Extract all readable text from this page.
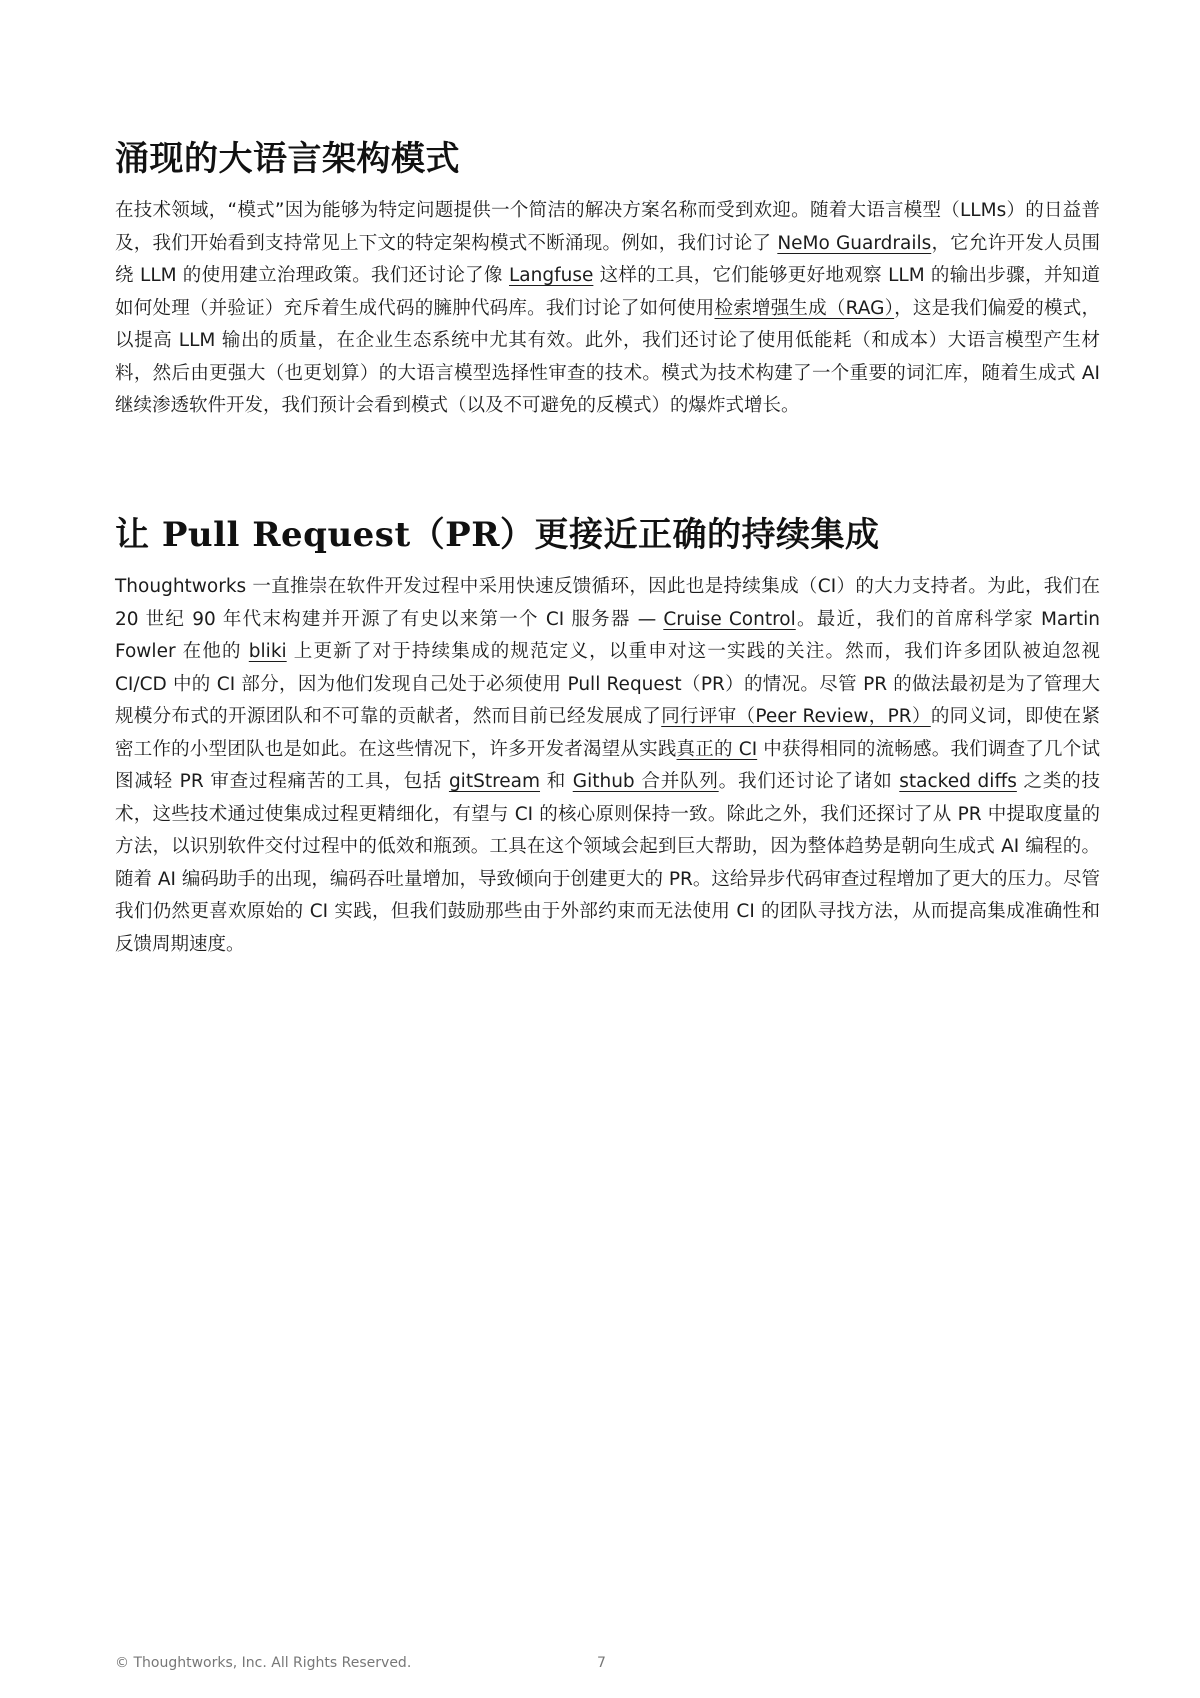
涌现的大语言架构模式

在技术领域，“模式”因为能够为特定问题提供一个简洁的解决方案名称而受到欢迎。随着大语言模型（LLMs）的日益普及，我们开始看到支持常见上下文的特定架构模式不断涌现。例如，我们讨论了 NeMo Guardrails，它允许开发人员围绕 LLM 的使用建立治理政策。我们还讨论了像 Langfuse 这样的工具，它们能够更好地观察 LLM 的输出步骤，并知道如何处理（并验证）充斥着生成代码的臃肿代码库。我们讨论了如何使用检索增强生成（RAG），这是我们偏爱的模式，以提高 LLM 输出的质量，在企业生态系统中尤其有效。此外，我们还讨论了使用低能耗（和成本）大语言模型产生材料，然后由更强大（也更划算）的大语言模型选择性审查的技术。模式为技术构建了一个重要的词汇库，随着生成式 AI 继续渗透软件开发，我们预计会看到模式（以及不可避免的反模式）的爆炸式增长。

让 Pull Request（PR）更接近正确的持续集成

Thoughtworks 一直推崇在软件开发过程中采用快速反馈循环，因此也是持续集成（CI）的大力支持者。为此，我们在 20 世纪 90 年代末构建并开源了有史以来第一个 CI 服务器 — Cruise Control。最近，我们的首席科学家 Martin Fowler 在他的 bliki 上更新了对于持续集成的规范定义，以重申对这一实践的关注。然而，我们许多团队被迫忽视 CI/CD 中的 CI 部分，因为他们发现自己处于必须使用 Pull Request（PR）的情况。尽管 PR 的做法最初是为了管理大规模分布式的开源团队和不可靠的贡献者，然而目前已经发展成了同行评审（Peer Review，PR）的同义词，即使在紧密工作的小型团队也是如此。在这些情况下，许多开发者渴望从实践真正的 CI 中获得相同的流畅感。我们调查了几个试图减轻 PR 审查过程痛苦的工具，包括 gitStream 和 Github 合并队列。我们还讨论了诸如 stacked diffs 之类的技术，这些技术通过使集成过程更精细化，有望与 CI 的核心原则保持一致。除此之外，我们还探讨了从 PR 中提取度量的方法，以识别软件交付过程中的低效和瓶颈。工具在这个领域会起到巨大帮助，因为整体趋势是朝向生成式 AI 编程的。随着 AI 编码助手的出现，编码吞吐量增加，导致倾向于创建更大的 PR。这给异步代码审查过程增加了更大的压力。尽管我们仍然更喜欢原始的 CI 实践，但我们鼓励那些由于外部约束而无法使用 CI 的团队寻找方法，从而提高集成准确性和反馈周期速度。

© Thoughtworks, Inc. All Rights Reserved.	7
